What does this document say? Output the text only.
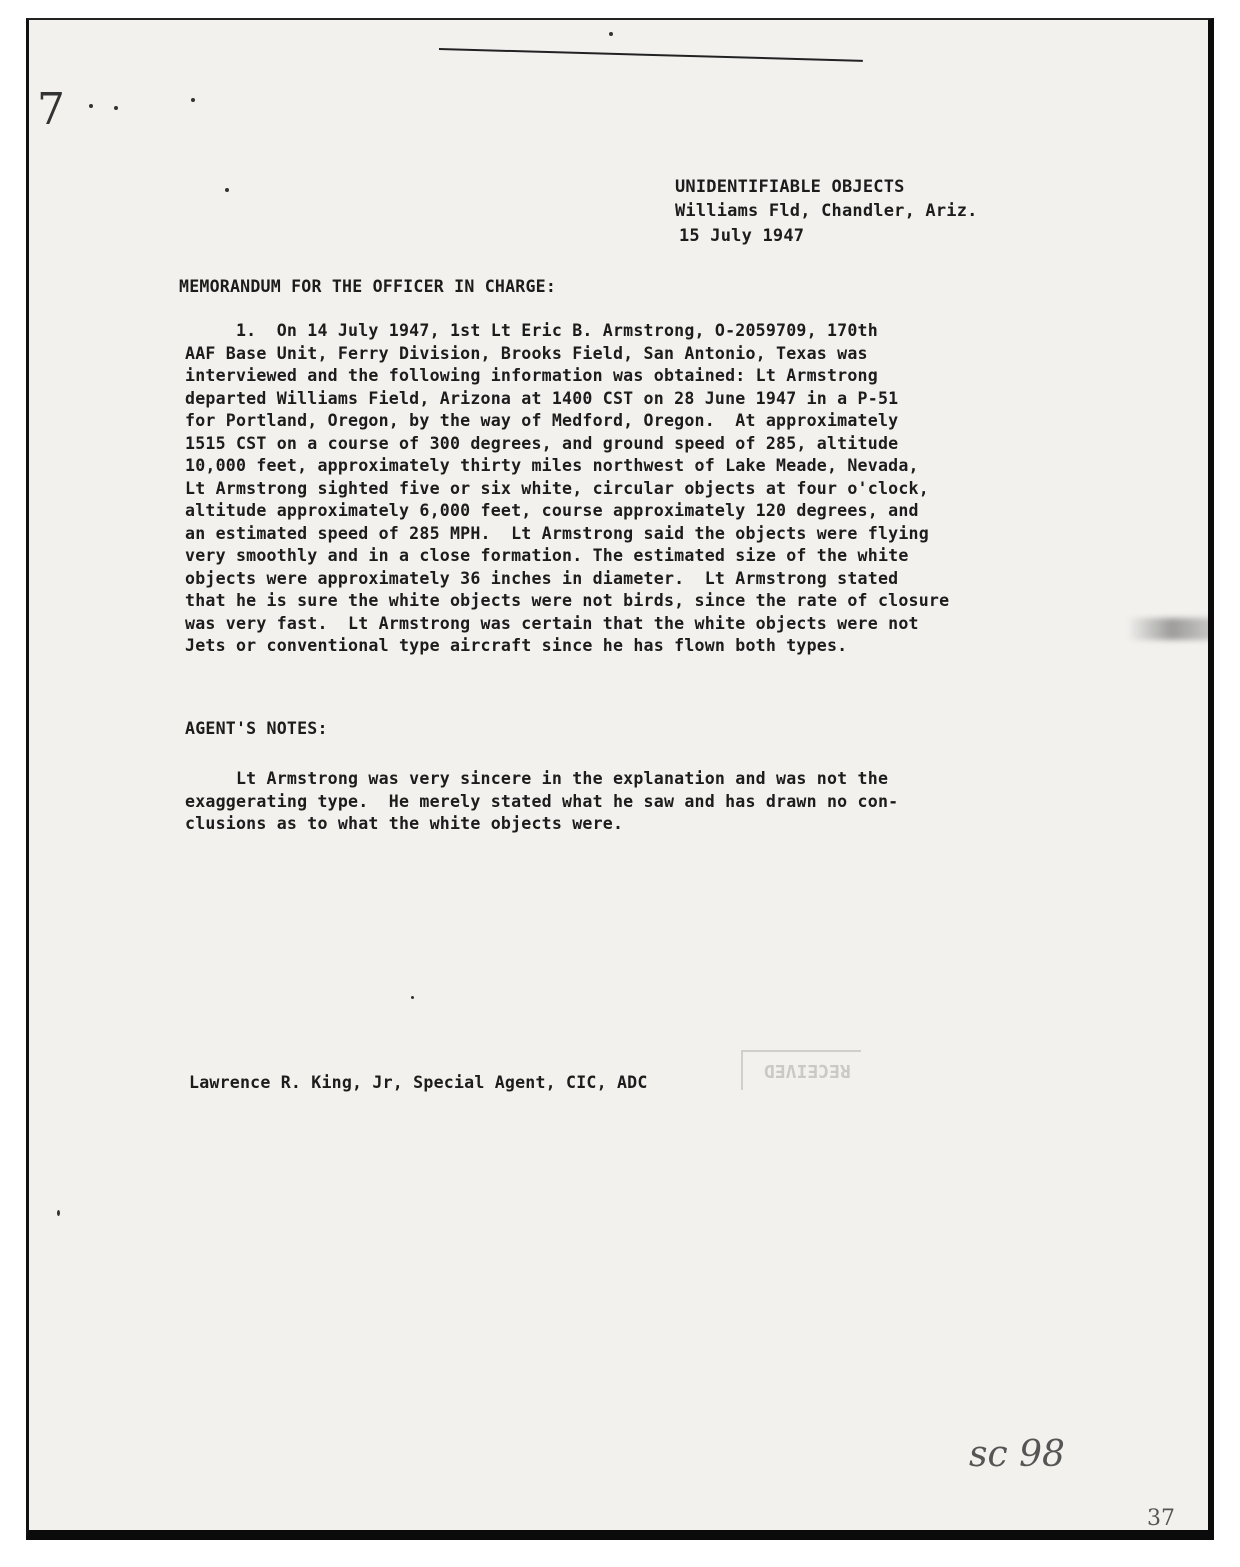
7
UNIDENTIFIABLE OBJECTS
Williams Fld, Chandler, Ariz.
15 July 1947
MEMORANDUM FOR THE OFFICER IN CHARGE:
1.  On 14 July 1947, 1st Lt Eric B. Armstrong, O-2059709, 170th
AAF Base Unit, Ferry Division, Brooks Field, San Antonio, Texas was
interviewed and the following information was obtained: Lt Armstrong
departed Williams Field, Arizona at 1400 CST on 28 June 1947 in a P-51
for Portland, Oregon, by the way of Medford, Oregon.  At approximately
1515 CST on a course of 300 degrees, and ground speed of 285, altitude
10,000 feet, approximately thirty miles northwest of Lake Meade, Nevada,
Lt Armstrong sighted five or six white, circular objects at four o'clock,
altitude approximately 6,000 feet, course approximately 120 degrees, and
an estimated speed of 285 MPH.  Lt Armstrong said the objects were flying
very smoothly and in a close formation. The estimated size of the white
objects were approximately 36 inches in diameter.  Lt Armstrong stated
that he is sure the white objects were not birds, since the rate of closure
was very fast.  Lt Armstrong was certain that the white objects were not
Jets or conventional type aircraft since he has flown both types.
AGENT'S NOTES:
Lt Armstrong was very sincere in the explanation and was not the
exaggerating type.  He merely stated what he saw and has drawn no con-
clusions as to what the white objects were.
Lawrence R. King, Jr, Special Agent, CIC, ADC
RECEIVED
sc 98
37
